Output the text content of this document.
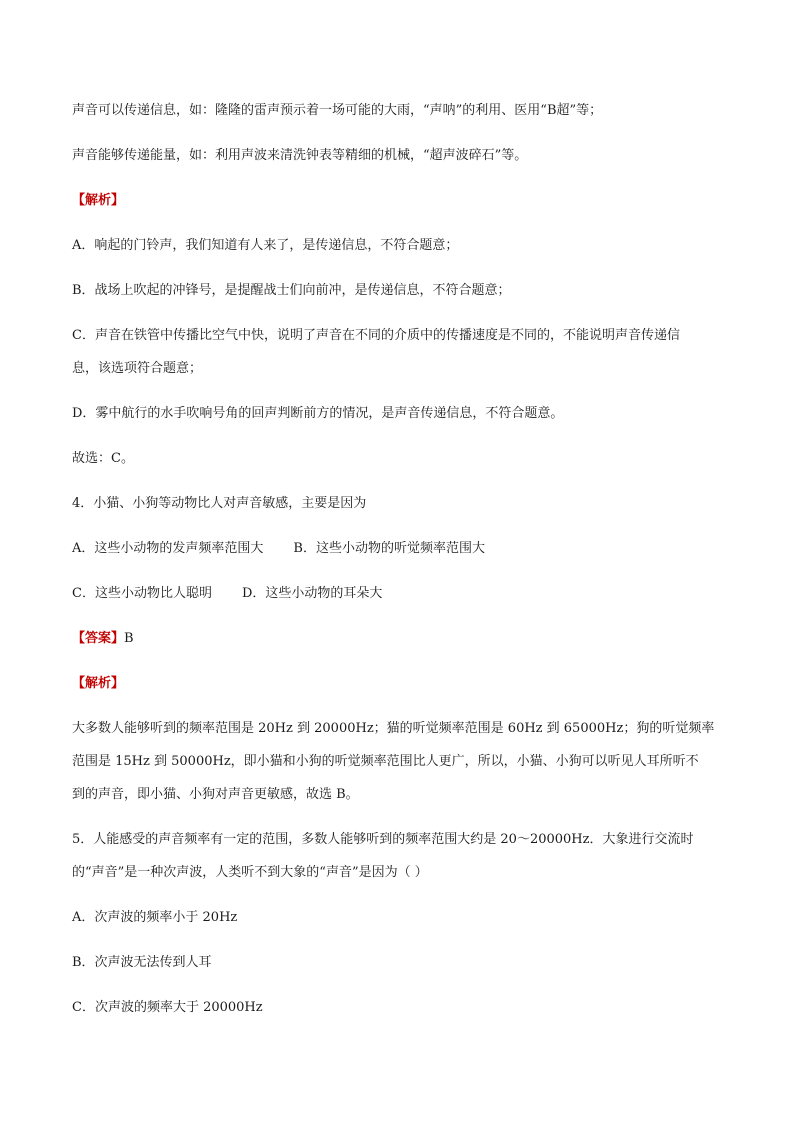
声音可以传递信息，如：隆隆的雷声预示着一场可能的大雨，“声呐”的利用、医用“B超”等；
声音能够传递能量，如：利用声波来清洗钟表等精细的机械，“超声波碎石”等。
【解析】
A．响起的门铃声，我们知道有人来了，是传递信息，不符合题意；
B．战场上吹起的冲锋号，是提醒战士们向前冲，是传递信息，不符合题意；
C．声音在铁管中传播比空气中快，说明了声音在不同的介质中的传播速度是不同的，不能说明声音传递信
息，该选项符合题意；
D．雾中航行的水手吹响号角的回声判断前方的情况，是声音传递信息，不符合题意。
故选：C。
4．小猫、小狗等动物比人对声音敏感，主要是因为
A．这些小动物的发声频率范围大 B．这些小动物的听觉频率范围大
C．这些小动物比人聪明 D．这些小动物的耳朵大
【答案】B
【解析】
大多数人能够听到的频率范围是 20Hz 到 20000Hz；猫的听觉频率范围是 60Hz 到 65000Hz；狗的听觉频率
范围是 15Hz 到 50000Hz，即小猫和小狗的听觉频率范围比人更广，所以，小猫、小狗可以听见人耳所听不
到的声音，即小猫、小狗对声音更敏感，故选 B。
5．人能感受的声音频率有一定的范围，多数人能够听到的频率范围大约是 20～20000Hz．大象进行交流时
的“声音”是一种次声波，人类听不到大象的“声音”是因为（ ）
A．次声波的频率小于 20Hz
B．次声波无法传到人耳
C．次声波的频率大于 20000Hz
